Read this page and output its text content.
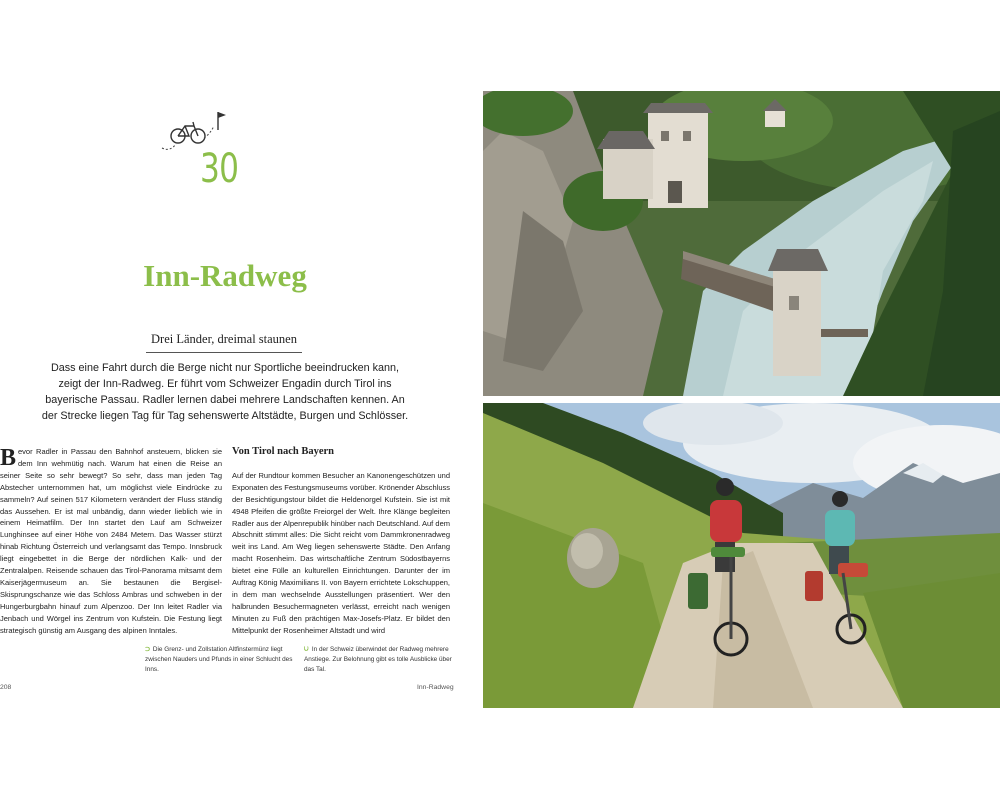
30
Inn-Radweg
Drei Länder, dreimal staunen

Dass eine Fahrt durch die Berge nicht nur Sportliche beeindrucken kann, zeigt der Inn-Radweg. Er führt vom Schweizer Engadin durch Tirol ins bayerische Passau. Radler lernen dabei mehrere Landschaften kennen. An der Strecke liegen Tag für Tag sehenswerte Altstädte, Burgen und Schlösser.

Bevor Radler in Passau den Bahnhof ansteuern, blicken sie dem Inn wehmütig nach. Warum hat einen die Reise an seiner Seite so sehr bewegt? So sehr, dass man jeden Tag Abstecher unternommen hat, um möglichst viele Eindrücke zu sammeln? Auf seinen 517 Kilometern verändert der Fluss ständig das Aussehen. Er ist mal unbändig, dann wieder lieblich wie in einem Heimatfilm. Der Inn startet den Lauf am Schweizer Lunghinsee auf einer Höhe von 2484 Metern. Das Wasser stürzt hinab Richtung Österreich und verlangsamt das Tempo. Innsbruck liegt eingebettet in die Berge der nördlichen Kalk- und der Zentralalpen. Reisende schauen das Tirol-Panorama mitsamt dem Kaiserjägermuseum an. Sie bestaunen die Bergisel-Skisprungschanze wie das Schloss Ambras und schweben in der Hungerburgbahn hinauf zum Alpenzoo. Der Inn leitet Radler via Jenbach und Wörgel ins Zentrum von Kufstein. Die Festung liegt strategisch günstig am Ausgang des alpinen Inntales.

Von Tirol nach Bayern

Auf der Rundtour kommen Besucher an Kanonengeschützen und Exponaten des Festungsmuseums vorüber. Krönender Abschluss der Besichtigungstour bildet die Heldenorgel Kufstein. Sie ist mit 4948 Pfeifen die größte Freiorgel der Welt. Ihre Klänge begleiten Radler aus der Alpenrepublik hinüber nach Deutschland. Auf dem Abschnitt stimmt alles: Die Sicht reicht vom Dammkronenradweg weit ins Land. Am Weg liegen sehenswerte Städte. Den Anfang macht Rosenheim. Das wirtschaftliche Zentrum Südostbayerns bietet eine Fülle an kulturellen Einrichtungen. Darunter der im Auftrag König Maximilians II. von Bayern errichtete Lokschuppen, in dem man wechselnde Ausstellungen präsentiert. Wer den halbrunden Besuchermagneten verlässt, erreicht nach wenigen Minuten zu Fuß den prächtigen Max-Josefs-Platz. Er bildet den Mittelpunkt der Rosenheimer Altstadt und wird

⮊ Die Grenz- und Zollstation Altfinstermünz liegt zwischen Nauders und Pfunds in einer Schlucht des Inns.
⮋ In der Schweiz überwindet der Radweg mehrere Anstiege. Zur Belohnung gibt es tolle Ausblicke über das Tal.
208	Inn-Radweg
